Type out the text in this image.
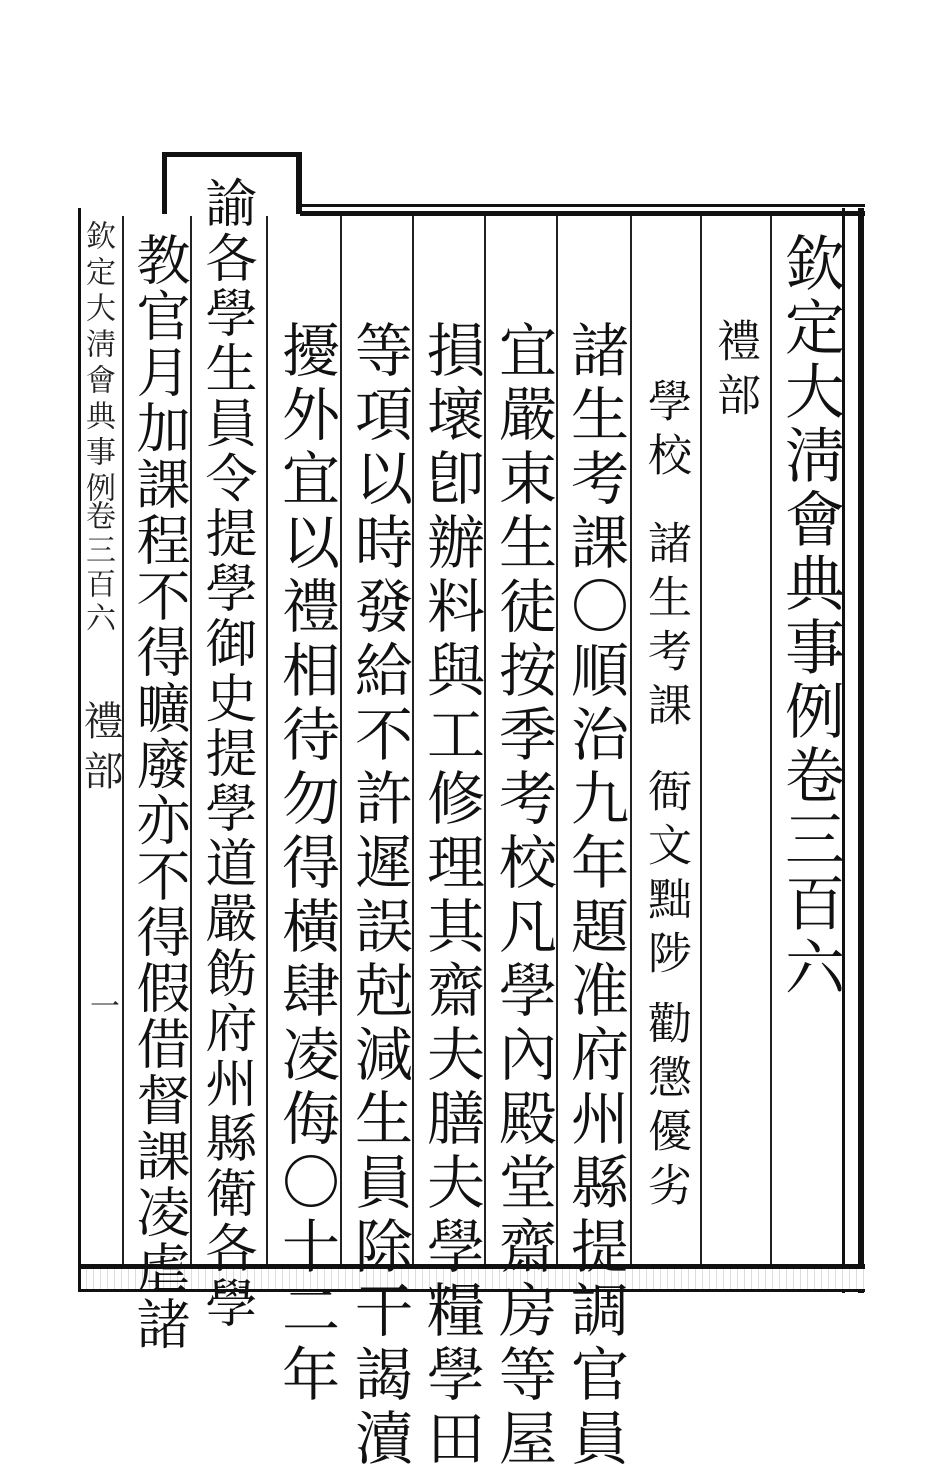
欽定大淸會典事例卷三百六
禮部
學校
諸生考課
衙文黜陟
勸懲優劣
諸生考課〇順治九年題准府州縣提調官員
宜嚴束生徒按季考校凡學內殿堂齋房等屋
損壞卽辦料與工修理其齋夫膳夫學糧學田
等項以時發給不許遲誤尅減生員除干謁瀆
擾外宜以禮相待勿得橫肆凌侮〇十二年
諭各學生員令提學御史提學道嚴飭府州縣衛各學
教官月加課程不得曠廢亦不得假借督課凌虐諸
欽定大淸會典事例
卷三百六
禮部
一
